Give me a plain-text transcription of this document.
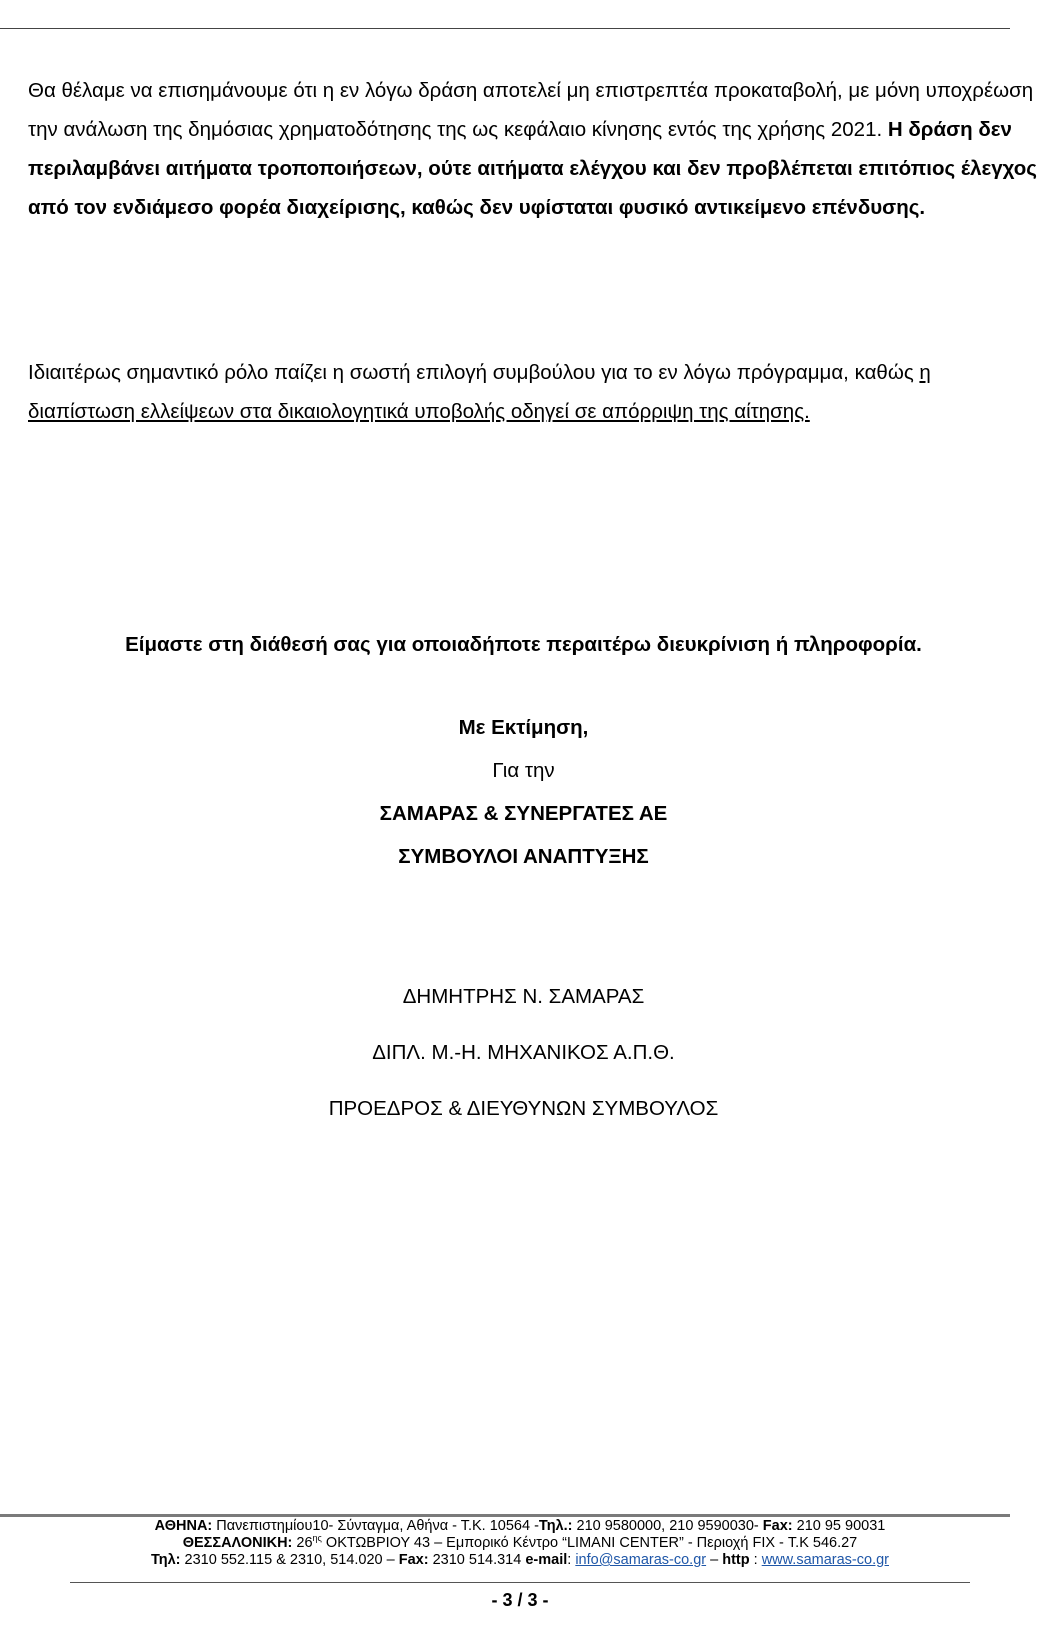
Θα θέλαμε να επισημάνουμε ότι η εν λόγω δράση αποτελεί μη επιστρεπτέα προκαταβολή, με μόνη υποχρέωση την ανάλωση της δημόσιας χρηματοδότησης της ως κεφάλαιο κίνησης εντός της χρήσης 2021. Η δράση δεν περιλαμβάνει αιτήματα τροποποιήσεων, ούτε αιτήματα ελέγχου και δεν προβλέπεται επιτόπιος έλεγχος από τον ενδιάμεσο φορέα διαχείρισης, καθώς δεν υφίσταται φυσικό αντικείμενο επένδυσης.

Ιδιαιτέρως σημαντικό ρόλο παίζει η σωστή επιλογή συμβούλου για το εν λόγω πρόγραμμα, καθώς η διαπίστωση ελλείψεων στα δικαιολογητικά υποβολής οδηγεί σε απόρριψη της αίτησης.

Είμαστε στη διάθεσή σας για οποιαδήποτε περαιτέρω διευκρίνιση ή πληροφορία.

Με Εκτίμηση,

Για την

ΣΑΜΑΡΑΣ & ΣΥΝΕΡΓΑΤΕΣ ΑΕ

ΣΥΜΒΟΥΛΟΙ ΑΝΑΠΤΥΞΗΣ

ΔΗΜΗΤΡΗΣ Ν. ΣΑΜΑΡΑΣ

ΔΙΠΛ. Μ.-Η. ΜΗΧΑΝΙΚΟΣ Α.Π.Θ.

ΠΡΟΕΔΡΟΣ & ΔΙΕΥΘΥΝΩΝ ΣΥΜΒΟΥΛΟΣ

ΑΘΗΝΑ: Πανεπιστημίου10- Σύνταγμα, Αθήνα - Τ.Κ. 10564 -Τηλ.: 210 9580000, 210 9590030- Fax: 210 95 90031

ΘΕΣΣΑΛΟΝΙΚΗ: $26^{\eta\varsigma}$ ΟΚΤΩΒΡΙΟΥ 43 – Εμπορικό Κέντρο “LIMANI CENTER” - Περιοχή FIX - Τ.Κ 546.27

Τηλ: 2310 552.115 & 2310, 514.020 – Fax: 2310 514.314 e-mail: info@samaras-co.gr – http : www.samaras-co.gr

- 3 / 3 -
